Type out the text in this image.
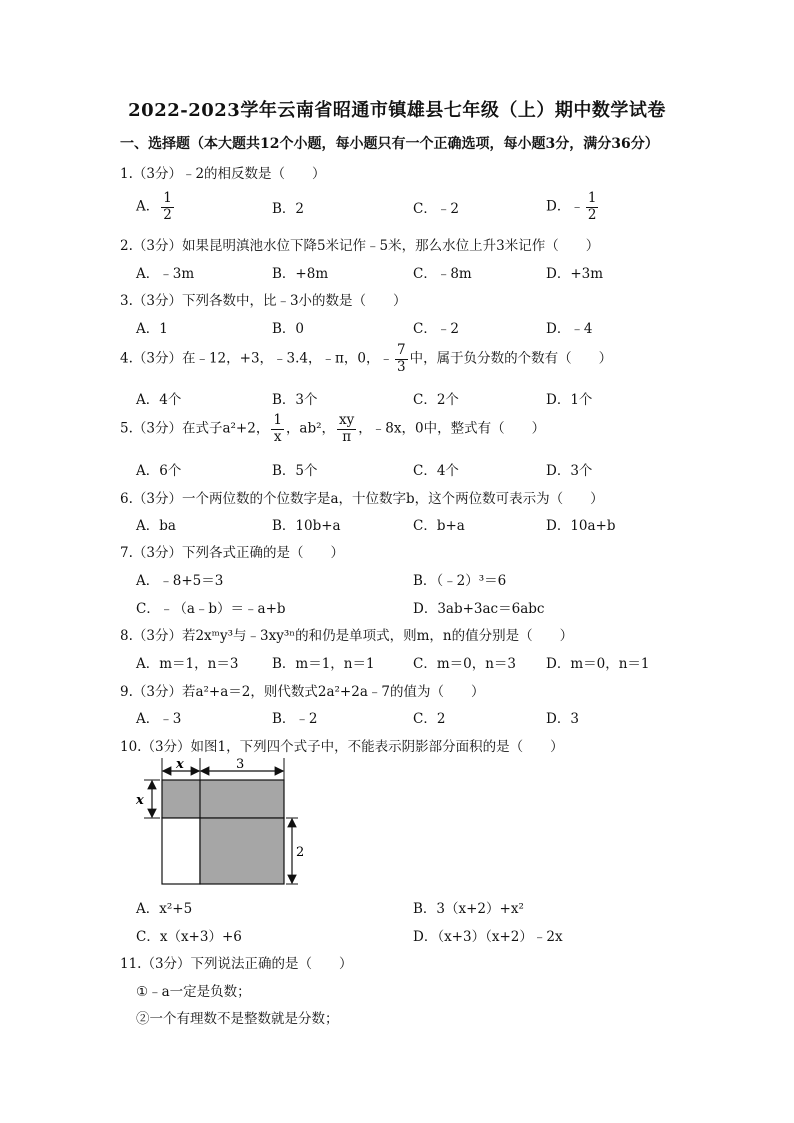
2022-2023学年云南省昭通市镇雄县七年级（上）期中数学试卷
一、选择题（本大题共12个小题，每小题只有一个正确选项，每小题3分，满分36分）
1.（3分）﹣2的相反数是（　　）
A． $\frac{1}{2}$	B．2	C．﹣2	D．﹣ $\frac{1}{2}$
2.（3分）如果昆明滇池水位下降5米记作﹣5米，那么水位上升3米记作（　　）
A．﹣3m	B．+8m	C．﹣8m	D．+3m
3.（3分）下列各数中，比﹣3小的数是（　　）
A．1	B．0	C．﹣2	D．﹣4
4.（3分）在﹣12，+3，﹣3.4，﹣π，0，﹣ $\frac{7}{3}$ 中，属于负分数的个数有（　　）
A．4个	B．3个	C．2个	D．1个
5.（3分）在式子a²+2， $\frac{1}{x}$ ，ab²， $\frac{xy}{\pi}$ ，﹣8x，0中，整式有（　　）
A．6个	B．5个	C．4个	D．3个
6.（3分）一个两位数的个位数字是a，十位数字b，这个两位数可表示为（　　）
A．ba	B．10b+a	C．b+a	D．10a+b
7.（3分）下列各式正确的是（　　）
A．﹣8+5＝3	B．（﹣2）³＝6
C．﹣（a﹣b）＝﹣a+b	D．3ab+3ac＝6abc
8.（3分）若2xᵐy³与﹣3xy³ⁿ的和仍是单项式，则m，n的值分别是（　　）
A．m＝1，n＝3 B．m＝1，n＝1	C．m＝0，n＝3 D．m＝0，n＝1
9.（3分）若a²+a＝2，则代数式2a²+2a﹣7的值为（　　）
A．﹣3	B．﹣2	C．2	D．3
10.（3分）如图1，下列四个式子中，不能表示阴影部分面积的是（　　）
x	3
x
2
A．x²+5	B．3（x+2）+x²
C．x（x+3）+6	D．（x+3）（x+2）﹣2x
11.（3分）下列说法正确的是（　　）
①﹣a一定是负数；
②一个有理数不是整数就是分数；
